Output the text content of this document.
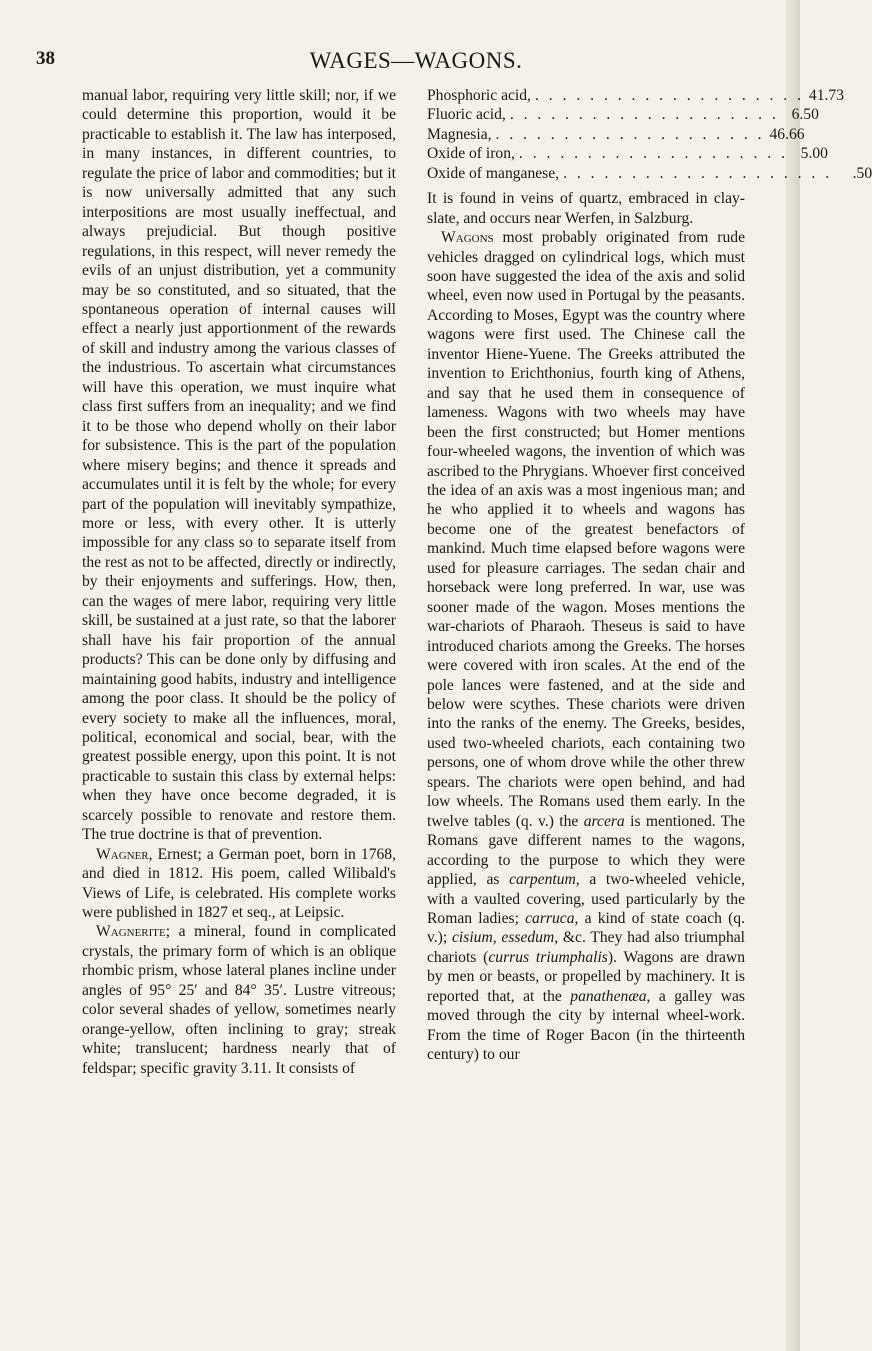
38	WAGES—WAGONS.

manual labor, requiring very little skill; nor, if we could determine this proportion, would it be practicable to establish it. The law has interposed, in many instances, in different countries, to regulate the price of labor and commodities; but it is now universally admitted that any such interpositions are most usually ineffectual, and always prejudicial. But though positive regulations, in this respect, will never remedy the evils of an unjust distribution, yet a community may be so constituted, and so situated, that the spontaneous operation of internal causes will effect a nearly just apportionment of the rewards of skill and industry among the various classes of the industrious. To ascertain what circumstances will have this operation, we must inquire what class first suffers from an inequality; and we find it to be those who depend wholly on their labor for subsistence. This is the part of the population where misery begins; and thence it spreads and accumulates until it is felt by the whole; for every part of the population will inevitably sympathize, more or less, with every other. It is utterly impossible for any class so to separate itself from the rest as not to be affected, directly or indirectly, by their enjoyments and sufferings. How, then, can the wages of mere labor, requiring very little skill, be sustained at a just rate, so that the laborer shall have his fair proportion of the annual products? This can be done only by diffusing and maintaining good habits, industry and intelligence among the poor class. It should be the policy of every society to make all the influences, moral, political, economical and social, bear, with the greatest possible energy, upon this point. It is not practicable to sustain this class by external helps: when they have once become degraded, it is scarcely possible to renovate and restore them. The true doctrine is that of prevention.

Wagner, Ernest; a German poet, born in 1768, and died in 1812. His poem, called Wilibald's Views of Life, is celebrated. His complete works were published in 1827 et seq., at Leipsic.

Wagnerite; a mineral, found in complicated crystals, the primary form of which is an oblique rhombic prism, whose lateral planes incline under angles of 95° 25′ and 84° 35′. Lustre vitreous; color several shades of yellow, sometimes nearly orange-yellow, often inclining to gray; streak white; translucent; hardness nearly that of feldspar; specific gravity 3.11. It consists of

Phosphoric acid, . . . . . . . . . . . . . . . . . . . . 41.73
Fluoric acid, . . . . . . . . . . . . . . . . . . . . 6.50
Magnesia, . . . . . . . . . . . . . . . . . . . . 46.66
Oxide of iron, . . . . . . . . . . . . . . . . . . . . 5.00
Oxide of manganese, . . . . . . . . . . . . . . . . . . . .	.50

It is found in veins of quartz, embraced in clay-slate, and occurs near Werfen, in Salzburg.

Wagons most probably originated from rude vehicles dragged on cylindrical logs, which must soon have suggested the idea of the axis and solid wheel, even now used in Portugal by the peasants. According to Moses, Egypt was the country where wagons were first used. The Chinese call the inventor Hiene-Yuene. The Greeks attributed the invention to Erichthonius, fourth king of Athens, and say that he used them in consequence of lameness. Wagons with two wheels may have been the first constructed; but Homer mentions four-wheeled wagons, the invention of which was ascribed to the Phrygians. Whoever first conceived the idea of an axis was a most ingenious man; and he who applied it to wheels and wagons has become one of the greatest benefactors of mankind. Much time elapsed before wagons were used for pleasure carriages. The sedan chair and horseback were long preferred. In war, use was sooner made of the wagon. Moses mentions the war-chariots of Pharaoh. Theseus is said to have introduced chariots among the Greeks. The horses were covered with iron scales. At the end of the pole lances were fastened, and at the side and below were scythes. These chariots were driven into the ranks of the enemy. The Greeks, besides, used two-wheeled chariots, each containing two persons, one of whom drove while the other threw spears. The chariots were open behind, and had low wheels. The Romans used them early. In the twelve tables (q. v.) the arcera is mentioned. The Romans gave different names to the wagons, according to the purpose to which they were applied, as carpentum, a two-wheeled vehicle, with a vaulted covering, used particularly by the Roman ladies; carruca, a kind of state coach (q. v.); cisium, essedum, &c. They had also triumphal chariots (currus triumphalis). Wagons are drawn by men or beasts, or propelled by machinery. It is reported that, at the panathenæa, a galley was moved through the city by internal wheel-work. From the time of Roger Bacon (in the thirteenth century) to our
